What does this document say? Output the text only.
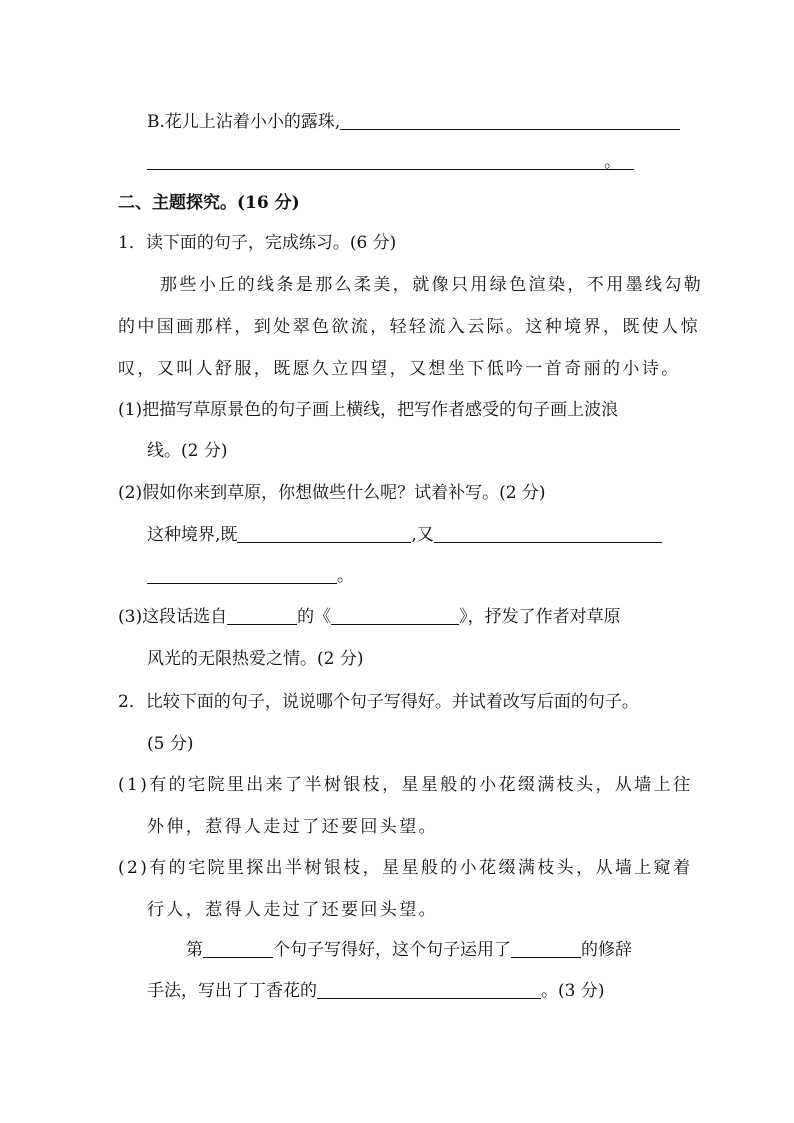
B.花儿上沾着小小的露珠,
。
二、主题探究。(16 分)
1．读下面的句子，完成练习。(6 分)
那些小丘的线条是那么柔美，就像只用绿色渲染，不用墨线勾勒
的中国画那样，到处翠色欲流，轻轻流入云际。这种境界，既使人惊
叹，又叫人舒服，既愿久立四望，又想坐下低吟一首奇丽的小诗。
(1)把描写草原景色的句子画上横线，把写作者感受的句子画上波浪
线。(2 分)
(2)假如你来到草原，你想做些什么呢？试着补写。(2 分)
这种境界,既	,又
。
(3)这段话选自	的《	》，抒发了作者对草原
风光的无限热爱之情。(2 分)
2．比较下面的句子，说说哪个句子写得好。并试着改写后面的句子。
(5 分)
(1)有的宅院里出来了半树银枝，星星般的小花缀满枝头，从墙上往
外伸，惹得人走过了还要回头望。
(2)有的宅院里探出半树银枝，星星般的小花缀满枝头，从墙上窥着
行人，惹得人走过了还要回头望。
第	个句子写得好，这个句子运用了	的修辞
手法，写出了丁香花的	。(3 分)
